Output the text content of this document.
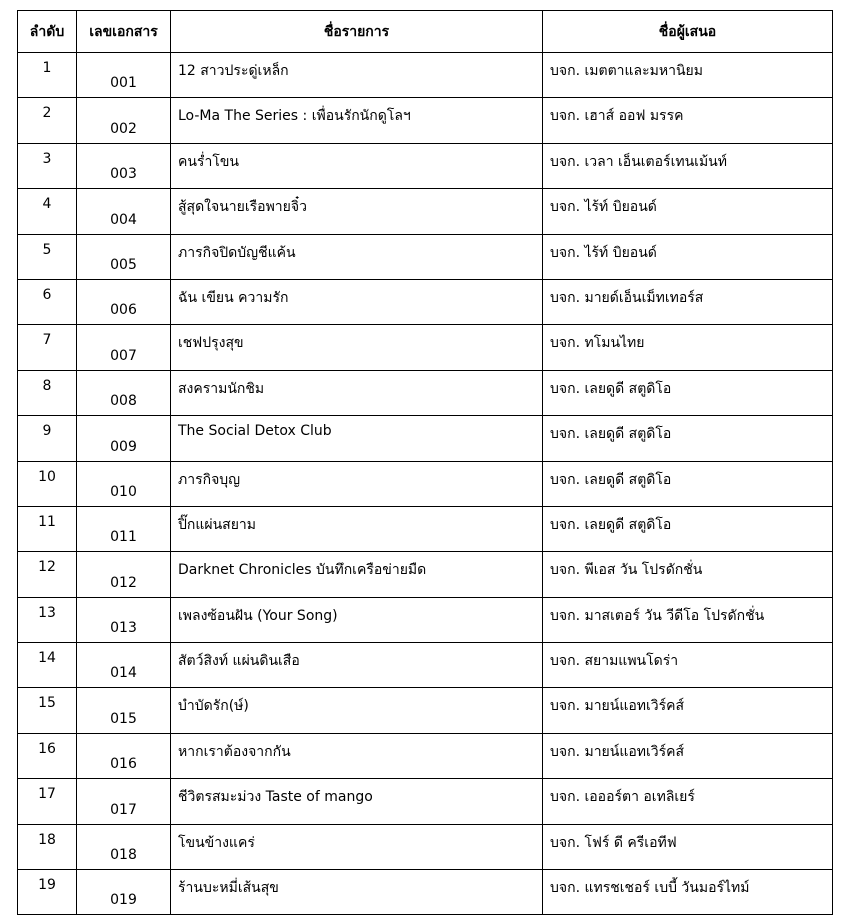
ลำดับ	เลขเอกสาร	ชื่อรายการ	ชื่อผู้เสนอ
1	001	12 สาวประดู่เหล็ก	บจก. เมตตาและมหานิยม
2	002	Lo-Ma The Series : เพื่อนรักนักดูโลฯ	บจก. เฮาส์ ออฟ มรรค
3	003	คนร่ำโขน	บจก. เวลา เอ็นเตอร์เทนเม้นท์
4	004	สู้สุดใจนายเรือพายจิ๋ว	บจก. ไร้ท์ บิยอนด์
5	005	ภารกิจปิดบัญชีแค้น	บจก. ไร้ท์ บิยอนด์
6	006	ฉัน เขียน ความรัก	บจก. มายด์เอ็นเม็ทเทอร์ส
7	007	เชฟปรุงสุข	บจก. ทโมนไทย
8	008	สงครามนักชิม	บจก. เลยดูดี สตูดิโอ
9	009	The Social Detox Club	บจก. เลยดูดี สตูดิโอ
10	010	ภารกิจบุญ	บจก. เลยดูดี สตูดิโอ
11	011	ปิ๊กแผ่นสยาม	บจก. เลยดูดี สตูดิโอ
12	012	Darknet Chronicles บันทึกเครือข่ายมืด	บจก. พีเอส วัน โปรดักชั่น
13	013	เพลงซ้อนฝัน (Your Song)	บจก. มาสเตอร์ วัน วีดีโอ โปรดักชั่น
14	014	สัตว์สิงท์ แผ่นดินเสือ	บจก. สยามแพนโดร่า
15	015	บำบัดรัก(ษ์)	บจก. มายน์แอทเวิร์คส์
16	016	หากเราต้องจากกัน	บจก. มายน์แอทเวิร์คส์
17	017	ชีวิตรสมะม่วง Taste of mango	บจก. เอออร์ตา อเทลิเยร์
18	018	โขนข้างแคร่	บจก. โฟร์ ดี ครีเอทีฟ
19	019	ร้านบะหมี่เส้นสุข	บจก. แทรชเชอร์ เบบี้ วันมอร์ไทม์
